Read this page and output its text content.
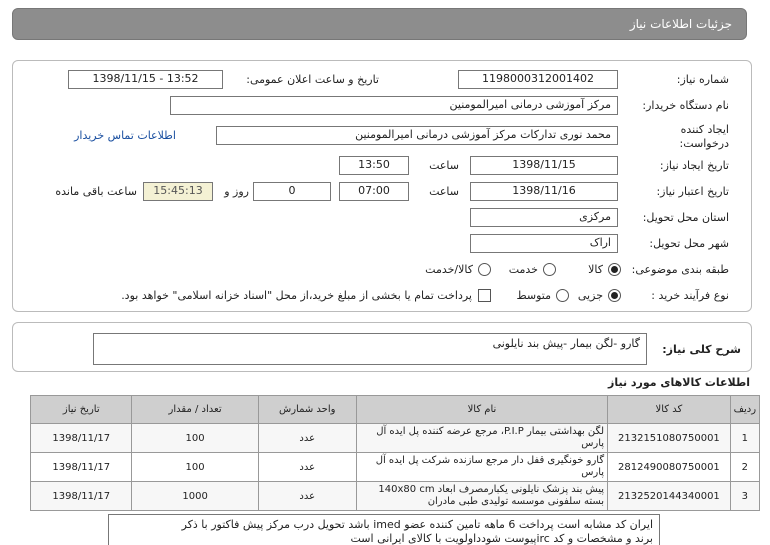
جزئیات اطلاعات نیاز
شماره نیاز:
1198000312001402
تاریخ و ساعت اعلان عمومی:
1398/11/15 - 13:52
نام دستگاه خریدار:
مرکز آموزشی درمانی امیرالمومنین
ایجاد کننده درخواست:
محمد نوری تدارکات مرکز آموزشی درمانی امیرالمومنین
اطلاعات تماس خریدار
تاریخ ایجاد نیاز:
1398/11/15
ساعت
13:50
تاریخ اعتبار نیاز:
1398/11/16
ساعت
07:00
0
روز و
15:45:13
ساعت باقی مانده
استان محل تحویل:
مرکزی
شهر محل تحویل:
اراک
طبقه بندی موضوعی:
کالا
خدمت
کالا/خدمت
نوع فرآیند خرید :
جزیی
متوسط
پرداخت تمام یا بخشی از مبلغ خرید،از محل "اسناد خزانه اسلامی" خواهد بود.

شرح کلی نیاز:
گارو -لگن بیمار -پیش بند نایلونی
اطلاعات کالاهای مورد نیاز
ردیف	کد کالا	نام کالا	واحد شمارش	تعداد / مقدار	تاریخ نیاز
1	2132151080750001	لگن بهداشتی بیمار P.I.P، مرجع عرضه کننده پل ایده آل پارس	عدد	100	1398/11/17
2	2812490080750001	گارو خونگیری قفل دار مرجع سازنده شرکت پل ایده آل پارس	عدد	100	1398/11/17
3	2132520144340001	پیش بند پزشک نایلونی یکبارمصرف ابعاد 140x80 cm بسته سلفونی موسسه تولیدی طبی مادران	عدد	1000	1398/11/17
ایران کد مشابه است پرداخت 6 ماهه تامین کننده عضو imed باشد تحویل درب مرکز پیش فاکتور با ذکر
برند و مشخصات و کد ircپیوست شودداولویت با کالای ایرانی است
